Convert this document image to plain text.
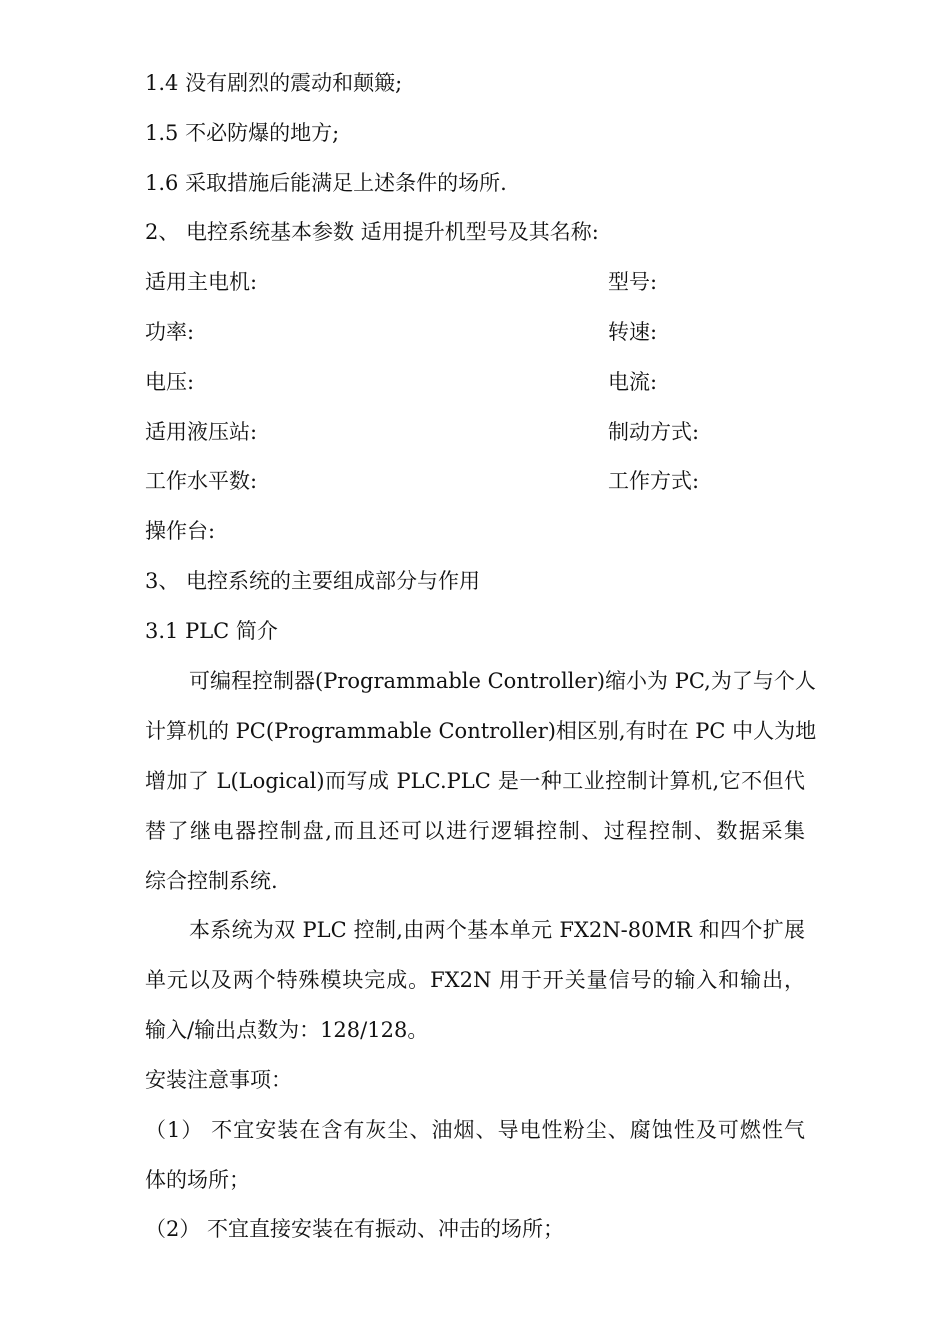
1.4 没有剧烈的震动和颠簸;
1.5 不必防爆的地方;
1.6 采取措施后能满足上述条件的场所.
2、 电控系统基本参数 适用提升机型号及其名称:
适用主电机:	型号:
功率:	转速:
电压:	电流:
适用液压站:	制动方式:
工作水平数:	工作方式:
操作台:
3、 电控系统的主要组成部分与作用
3.1 PLC 简介
可编程控制器(Programmable Controller)缩小为 PC,为了与个人
计算机的 PC(Programmable Controller)相区别,有时在 PC 中人为地
增加了 L(Logical)而写成 PLC.PLC 是一种工业控制计算机,它不但代
替了继电器控制盘,而且还可以进行逻辑控制、过程控制、数据采集
综合控制系统.
本系统为双 PLC 控制,由两个基本单元 FX2N-80MR 和四个扩展
单元以及两个特殊模块完成。FX2N 用于开关量信号的输入和输出，
输入/输出点数为：128/128。
安装注意事项：
（1） 不宜安装在含有灰尘、油烟、导电性粉尘、腐蚀性及可燃性气
体的场所；
（2） 不宜直接安装在有振动、冲击的场所；
